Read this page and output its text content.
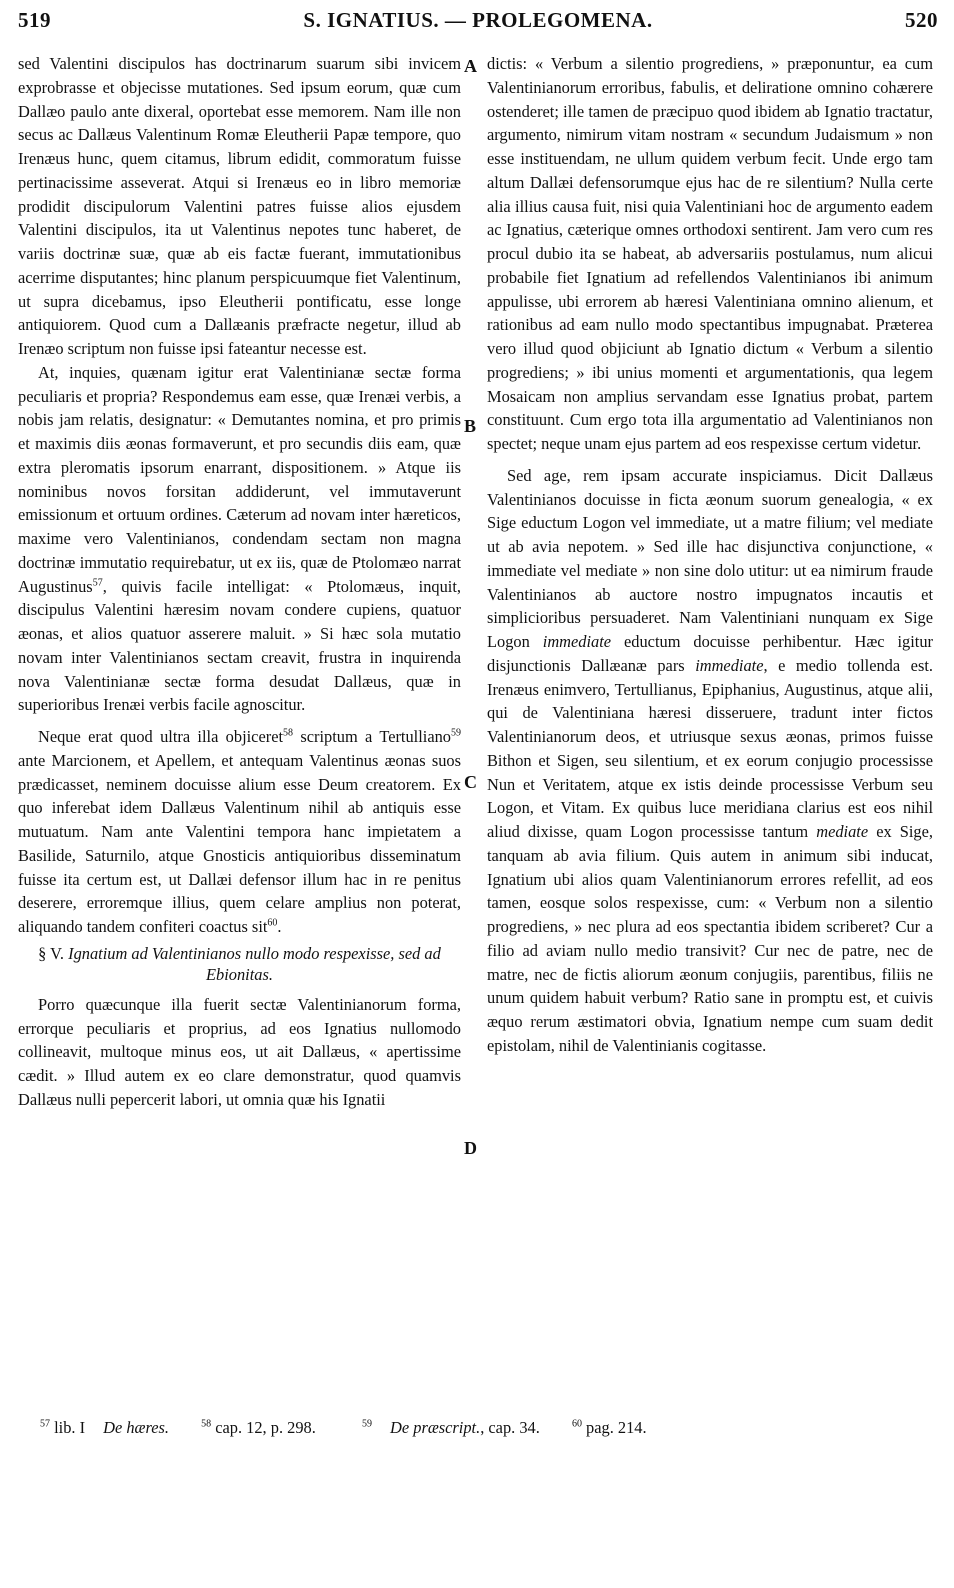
519	S. IGNATIUS. — PROLEGOMENA.	520

sed Valentini discipulos has doctrinarum suarum sibi invicem exprobrasse et objecisse mutationes. Sed ipsum eorum, quæ cum Dallæo paulo ante dixeral, oportebat esse memorem. Nam ille non secus ac Dallæus Valentinum Romæ Eleutherii Papæ tempore, quo Irenæus hunc, quem citamus, librum edidit, commoratum fuisse pertinacissime asseverat. Atqui si Irenæus eo in libro memoriæ prodidit discipulorum Valentini patres fuisse alios ejusdem Valentini discipulos, ita ut Valentinus nepotes tunc haberet, de variis doctrinæ suæ, quæ ab eis factæ fuerant, immutationibus acerrime disputantes; hinc planum perspicuumque fiet Valentinum, ut supra dicebamus, ipso Eleutherii pontificatu, esse longe antiquiorem. Quod cum a Dallæanis præfracte negetur, illud ab Irenæo scriptum non fuisse ipsi fateantur necesse est.

At, inquies, quænam igitur erat Valentinianæ sectæ forma peculiaris et propria? Respondemus eam esse, quæ Irenæi verbis, a nobis jam relatis, designatur: « Demutantes nomina, et pro primis et maximis diis æonas formaverunt, et pro secundis diis eam, quæ extra pleromatis ipsorum enarrant, dispositionem. » Atque iis nominibus novos forsitan addiderunt, vel immutaverunt emissionum et ortuum ordines. Cæterum ad novam inter hæreticos, maxime vero Valentinianos, condendam sectam non magna doctrinæ immutatio requirebatur, ut ex iis, quæ de Ptolomæo narrat Augustinus$^{57}$, quivis facile intelligat: « Ptolomæus, inquit, discipulus Valentini hæresim novam condere cupiens, quatuor æonas, et alios quatuor asserere maluit. » Si hæc sola mutatio novam inter Valentinianos sectam creavit, frustra in inquirenda nova Valentinianæ sectæ forma desudat Dallæus, quæ in superioribus Irenæi verbis facile agnoscitur.

Neque erat quod ultra illa objiceret$^{58}$ scriptum a Tertulliano$^{59}$ ante Marcionem, et Apellem, et antequam Valentinus æonas suos prædicasset, neminem docuisse alium esse Deum creatorem. Ex quo inferebat idem Dallæus Valentinum nihil ab antiquis esse mutuatum. Nam ante Valentini tempora hanc impietatem a Basilide, Saturnilo, atque Gnosticis antiquioribus disseminatum fuisse ita certum est, ut Dallæi defensor illum hac in re penitus deserere, erroremque illius, quem celare amplius non poterat, aliquando tandem confiteri coactus sit$^{60}$.

§ V. Ignatium ad Valentinianos nullo modo respexisse, sed ad Ebionitas.

Porro quæcunque illa fuerit sectæ Valentinianorum forma, errorque peculiaris et proprius, ad eos Ignatius nullomodo collineavit, multoque minus eos, ut ait Dallæus, « apertissime cædit. » Illud autem ex eo clare demonstratur, quod quamvis Dallæus nulli pepercerit labori, ut omnia quæ his Ignatii

dictis: « Verbum a silentio progrediens, » præponuntur, ea cum Valentinianorum erroribus, fabulis, et deliratione omnino cohærere ostenderet; ille tamen de præcipuo quod ibidem ab Ignatio tractatur, argumento, nimirum vitam nostram « secundum Judaismum » non esse instituendam, ne ullum quidem verbum fecit. Unde ergo tam altum Dallæi defensorumque ejus hac de re silentium? Nulla certe alia illius causa fuit, nisi quia Valentiniani hoc de argumento eadem ac Ignatius, cæterique omnes orthodoxi sentirent. Jam vero cum res procul dubio ita se habeat, ab adversariis postulamus, num alicui probabile fiet Ignatium ad refellendos Valentinianos ibi animum appulisse, ubi errorem ab hæresi Valentiniana omnino alienum, et rationibus ad eam nullo modo spectantibus impugnabat. Præterea vero illud quod objiciunt ab Ignatio dictum « Verbum a silentio progrediens; » ibi unius momenti et argumentationis, qua legem Mosaicam non amplius servandam esse Ignatius probat, partem constituunt. Cum ergo tota illa argumentatio ad Valentinianos non spectet; neque unam ejus partem ad eos respexisse certum videtur.

Sed age, rem ipsam accurate inspiciamus. Dicit Dallæus Valentinianos docuisse in ficta æonum suorum genealogia, « ex Sige eductum Logon vel immediate, ut a matre filium; vel mediate ut ab avia nepotem. » Sed ille hac disjunctiva conjunctione, « immediate vel mediate » non sine dolo utitur: ut ea nimirum fraude Valentinianos ab auctore nostro impugnatos incautis et simplicioribus persuaderet. Nam Valentiniani nunquam ex Sige Logon immediate eductum docuisse perhibentur. Hæc igitur disjunctionis Dallæanæ pars immediate, e medio tollenda est. Irenæus enimvero, Tertullianus, Epiphanius, Augustinus, atque alii, qui de Valentiniana hæresi disseruere, tradunt inter fictos Valentinianorum deos, et utriusque sexus æonas, primos fuisse Bithon et Sigen, seu silentium, et ex eorum conjugio processisse Nun et Veritatem, atque ex istis deinde processisse Verbum seu Logon, et Vitam. Ex quibus luce meridiana clarius est eos nihil aliud dixisse, quam Logon processisse tantum mediate ex Sige, tanquam ab avia filium. Quis autem in animum sibi inducat, Ignatium ubi alios quam Valentinianorum errores refellit, ad eos tamen, eosque solos respexisse, cum: « Verbum non a silentio progrediens, » nec plura ad eos spectantia ibidem scriberet? Cur a filio ad aviam nullo medio transivit? Cur nec de patre, nec de matre, nec de fictis aliorum æonum conjugiis, parentibus, filiis ne unum quidem habuit verbum? Ratio sane in promptu est, et cuivis æquo rerum æstimatori obvia, Ignatium nempe cum suam dedit epistolam, nihil de Valentinianis cogitasse.

A
B
C
D
$^{57}$ lib. I De hæres.	$^{58}$ cap. 12, p. 298.	$^{59}$ De præscript., cap. 34.	$^{60}$ pag. 214.
